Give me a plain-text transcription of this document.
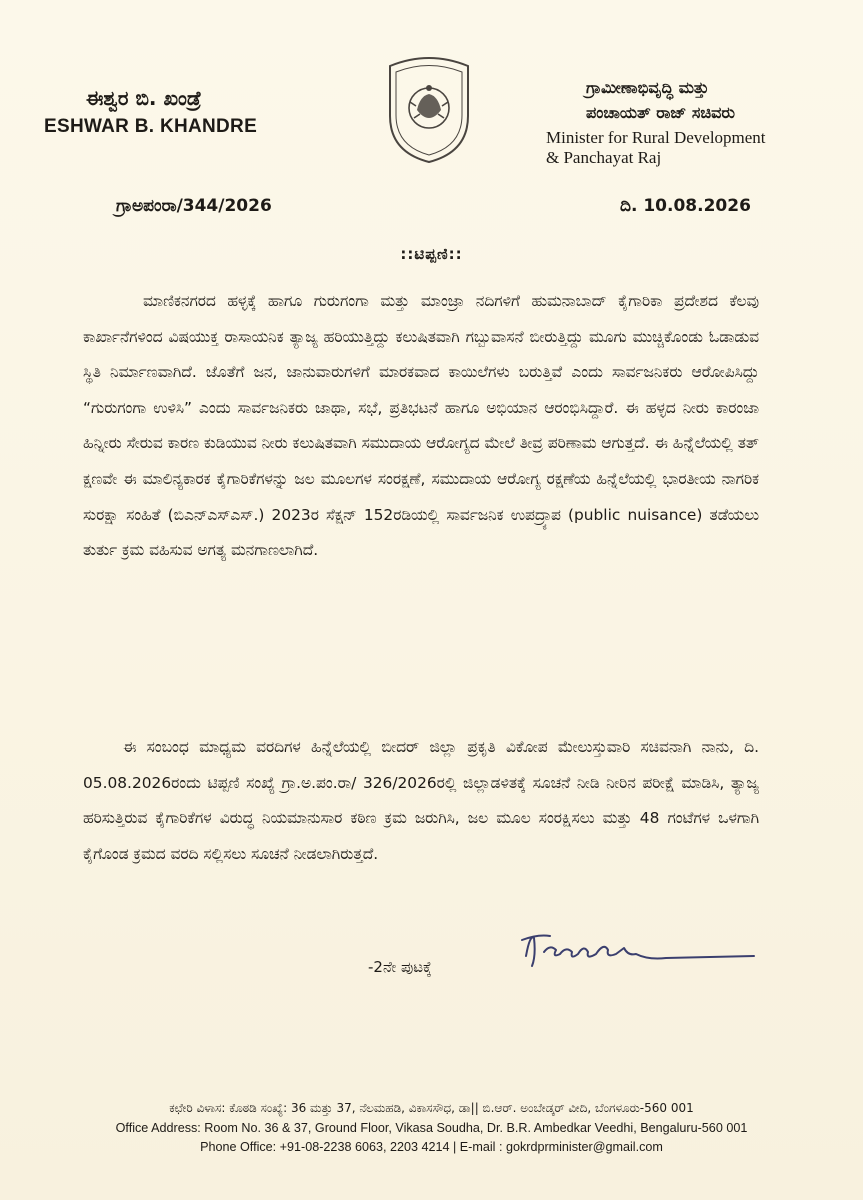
ಈಶ್ವರ ಬಿ. ಖಂಡ್ರೆ
ESHWAR B. KHANDRE
ಗ್ರಾಮೀಣಾಭಿವೃದ್ಧಿ ಮತ್ತು
ಪಂಚಾಯತ್ ರಾಜ್ ಸಚಿವರು
Minister for Rural Development
& Panchayat Raj
ಗ್ರಾಅಪಂರಾ/344/2026	ದಿ. 10.08.2026
::ಟಿಪ್ಪಣಿ::

ಮಾಣಿಕನಗರದ ಹಳ್ಳಕ್ಕೆ ಹಾಗೂ ಗುರುಗಂಗಾ ಮತ್ತು ಮಾಂಜ್ರಾ ನದಿಗಳಿಗೆ ಹುಮನಾಬಾದ್ ಕೈಗಾರಿಕಾ ಪ್ರದೇಶದ ಕೆಲವು ಕಾರ್ಖಾನೆಗಳಿಂದ ವಿಷಯುಕ್ತ ರಾಸಾಯನಿಕ ತ್ಯಾಜ್ಯ ಹರಿಯುತ್ತಿದ್ದು ಕಲುಷಿತವಾಗಿ ಗಬ್ಬುವಾಸನೆ ಬೀರುತ್ತಿದ್ದು ಮೂಗು ಮುಚ್ಚಿಕೊಂಡು ಓಡಾಡುವ ಸ್ಥಿತಿ ನಿರ್ಮಾಣವಾಗಿದೆ. ಜೊತೆಗೆ ಜನ, ಜಾನುವಾರುಗಳಿಗೆ ಮಾರಕವಾದ ಕಾಯಿಲೆಗಳು ಬರುತ್ತಿವೆ ಎಂದು ಸಾರ್ವಜನಿಕರು ಆರೋಪಿಸಿದ್ದು “ಗುರುಗಂಗಾ ಉಳಿಸಿ” ಎಂದು ಸಾರ್ವಜನಿಕರು ಜಾಥಾ, ಸಭೆ, ಪ್ರತಿಭಟನೆ ಹಾಗೂ ಅಭಿಯಾನ ಆರಂಭಿಸಿದ್ದಾರೆ. ಈ ಹಳ್ಳದ ನೀರು ಕಾರಂಜಾ ಹಿನ್ನೀರು ಸೇರುವ ಕಾರಣ ಕುಡಿಯುವ ನೀರು ಕಲುಷಿತವಾಗಿ ಸಮುದಾಯ ಆರೋಗ್ಯದ ಮೇಲೆ ತೀವ್ರ ಪರಿಣಾಮ ಆಗುತ್ತದೆ. ಈ ಹಿನ್ನೆಲೆಯಲ್ಲಿ ತತ್ ಕ್ಷಣವೇ ಈ ಮಾಲಿನ್ಯಕಾರಕ ಕೈಗಾರಿಕೆಗಳನ್ನು ಜಲ ಮೂಲಗಳ ಸಂರಕ್ಷಣೆ, ಸಮುದಾಯ ಆರೋಗ್ಯ ರಕ್ಷಣೆಯ ಹಿನ್ನೆಲೆಯಲ್ಲಿ ಭಾರತೀಯ ನಾಗರಿಕ ಸುರಕ್ಷಾ ಸಂಹಿತೆ (ಬಿಎನ್‌ಎಸ್‌ಎಸ್.) 2023ರ ಸೆಕ್ಷನ್ 152ರಡಿಯಲ್ಲಿ ಸಾರ್ವಜನಿಕ ಉಪದ್ರ್ಯಾಪ (public nuisance) ತಡೆಯಲು ತುರ್ತು ಕ್ರಮ ವಹಿಸುವ ಅಗತ್ಯ ಮನಗಾಣಲಾಗಿದೆ.

ಈ ಸಂಬಂಧ ಮಾಧ್ಯಮ ವರದಿಗಳ ಹಿನ್ನೆಲೆಯಲ್ಲಿ ಬೀದರ್ ಜಿಲ್ಲಾ ಪ್ರಕೃತಿ ವಿಕೋಪ ಮೇಲುಸ್ತುವಾರಿ ಸಚಿವನಾಗಿ ನಾನು, ದಿ. 05.08.2026ರಂದು ಟಿಪ್ಪಣಿ ಸಂಖ್ಯೆ ಗ್ರಾ.ಅ.ಪಂ.ರಾ/ 326/2026ರಲ್ಲಿ ಜಿಲ್ಲಾಡಳಿತಕ್ಕೆ ಸೂಚನೆ ನೀಡಿ ನೀರಿನ ಪರೀಕ್ಷೆ ಮಾಡಿಸಿ, ತ್ಯಾಜ್ಯ ಹರಿಸುತ್ತಿರುವ ಕೈಗಾರಿಕೆಗಳ ವಿರುದ್ಧ ನಿಯಮಾನುಸಾರ ಕಠಿಣ ಕ್ರಮ ಜರುಗಿಸಿ, ಜಲ ಮೂಲ ಸಂರಕ್ಷಿಸಲು ಮತ್ತು 48 ಗಂಟೆಗಳ ಒಳಗಾಗಿ ಕೈಗೊಂಡ ಕ್ರಮದ ವರದಿ ಸಲ್ಲಿಸಲು ಸೂಚನೆ ನೀಡಲಾಗಿರುತ್ತದೆ.

-2ನೇ ಪುಟಕ್ಕೆ
ಕಛೇರಿ ವಿಳಾಸ: ಕೊಠಡಿ ಸಂಖ್ಯೆ: 36 ಮತ್ತು 37, ನೆಲಮಹಡಿ, ವಿಕಾಸಸೌಧ, ಡಾ|| ಬಿ.ಆರ್. ಅಂಬೇಡ್ಕರ್ ವೀದಿ, ಬೆಂಗಳೂರು-560 001
Office Address: Room No. 36 & 37, Ground Floor, Vikasa Soudha, Dr. B.R. Ambedkar Veedhi, Bengaluru-560 001
Phone Office: +91-08-2238 6063, 2203 4214 | E-mail : gokrdprminister@gmail.com
